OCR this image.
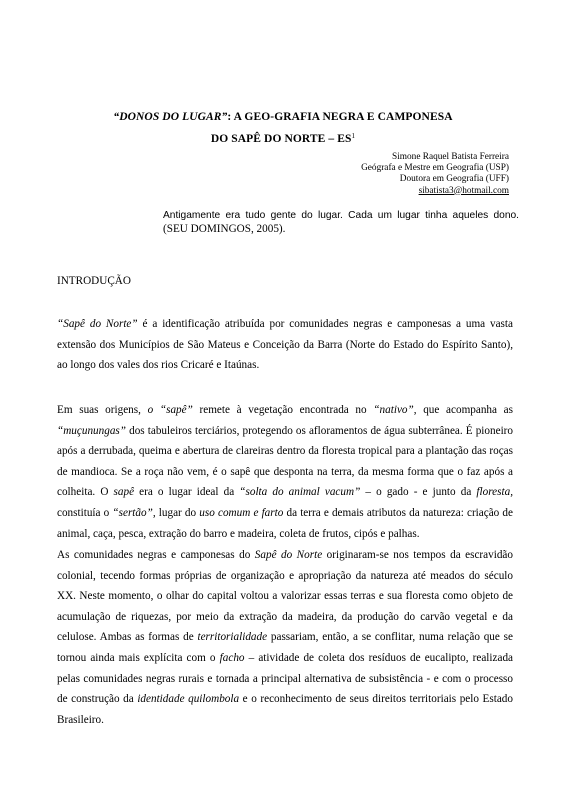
“DONOS DO LUGAR”: A GEO-GRAFIA NEGRA E CAMPONESA
DO SAPÊ DO NORTE – $ES^1$
Simone Raquel Batista Ferreira
Geógrafa e Mestre em Geografia (USP)
Doutora em Geografia (UFF)
sibatista3@hotmail.com
Antigamente era tudo gente do lugar. Cada um lugar tinha aqueles dono. (SEU DOMINGOS, 2005).
INTRODUÇÃO
“Sapê do Norte” é a identificação atribuída por comunidades negras e camponesas a uma vasta extensão dos Municípios de São Mateus e Conceição da Barra (Norte do Estado do Espírito Santo), ao longo dos vales dos rios Cricaré e Itaúnas.
Em suas origens, o “sapê” remete à vegetação encontrada no “nativo”, que acompanha as “muçunungas” dos tabuleiros terciários, protegendo os afloramentos de água subterrânea. É pioneiro após a derrubada, queima e abertura de clareiras dentro da floresta tropical para a plantação das roças de mandioca. Se a roça não vem, é o sapê que desponta na terra, da mesma forma que o faz após a colheita. O sapê era o lugar ideal da “solta do animal vacum” – o gado - e junto da floresta, constituía o “sertão”, lugar do uso comum e farto da terra e demais atributos da natureza: criação de animal, caça, pesca, extração do barro e madeira, coleta de frutos, cipós e palhas.
As comunidades negras e camponesas do Sapê do Norte originaram-se nos tempos da escravidão colonial, tecendo formas próprias de organização e apropriação da natureza até meados do século XX. Neste momento, o olhar do capital voltou a valorizar essas terras e sua floresta como objeto de acumulação de riquezas, por meio da extração da madeira, da produção do carvão vegetal e da celulose. Ambas as formas de territorialidade passariam, então, a se conflitar, numa relação que se tornou ainda mais explícita com o facho – atividade de coleta dos resíduos de eucalipto, realizada pelas comunidades negras rurais e tornada a principal alternativa de subsistência - e com o processo de construção da identidade quilombola e o reconhecimento de seus direitos territoriais pelo Estado Brasileiro.
